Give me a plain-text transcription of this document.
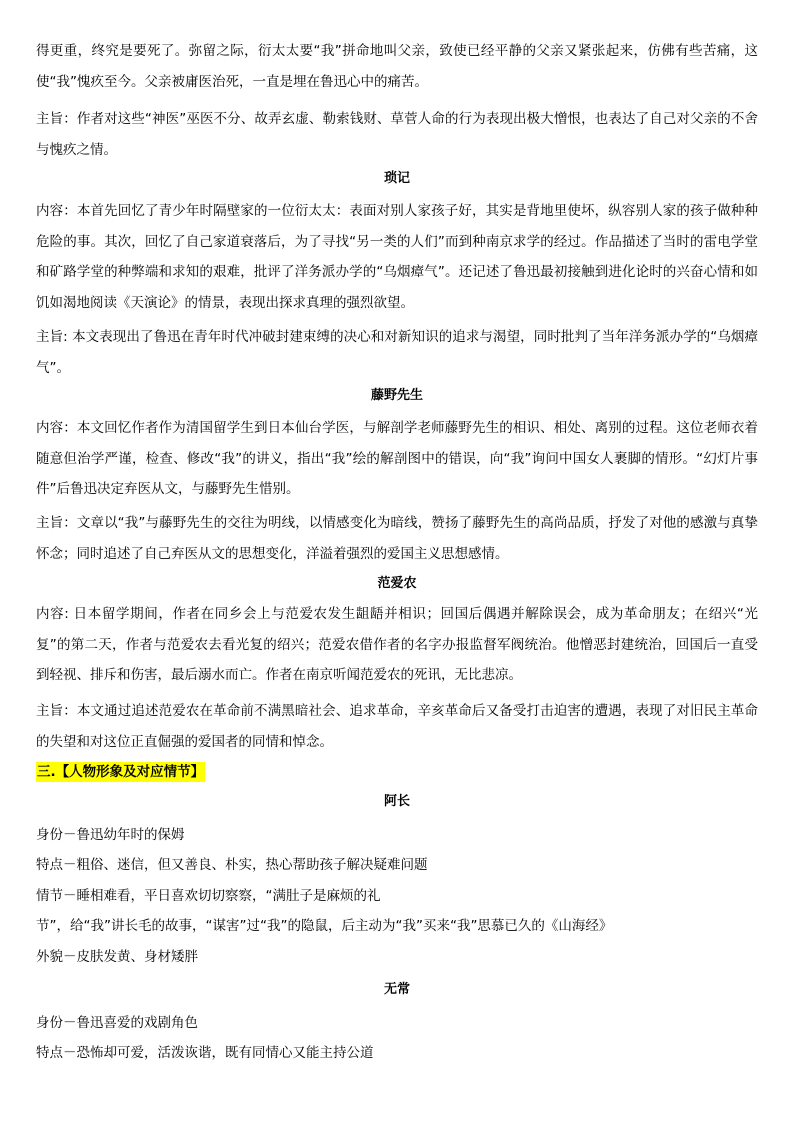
得更重，终究是要死了。弥留之际，衍太太要“我”拼命地叫父亲，致使已经平静的父亲又紧张起来，仿佛有些苦痛，这使“我”愧疚至今。父亲被庸医治死，一直是埋在鲁迅心中的痛苦。

主旨：作者对这些“神医”巫医不分、故弄玄虚、勒索钱财、草菅人命的行为表现出极大憎恨，也表达了自己对父亲的不舍与愧疚之情。

琐记

内容：本首先回忆了青少年时隔壁家的一位衍太太：表面对别人家孩子好，其实是背地里使坏，纵容别人家的孩子做种种危险的事。其次，回忆了自己家道衰落后，为了寻找“另一类的人们”而到种南京求学的经过。作品描述了当时的雷电学堂和矿路学堂的种弊端和求知的艰难，批评了洋务派办学的“乌烟瘴气”。还记述了鲁迅最初接触到进化论时的兴奋心情和如饥如渴地阅读《天演论》的情景，表现出探求真理的强烈欲望。

主旨: 本文表现出了鲁迅在青年时代冲破封建束缚的决心和对新知识的追求与渴望，同时批判了当年洋务派办学的“乌烟瘴气”。

藤野先生

内容：本文回忆作者作为清国留学生到日本仙台学医，与解剖学老师藤野先生的相识、相处、离别的过程。这位老师衣着随意但治学严谨，检查、修改“我”的讲义，指出“我”绘的解剖图中的错误，向“我”询问中国女人裹脚的情形。“幻灯片事件”后鲁迅决定弃医从文，与藤野先生惜别。

主旨：文章以“我”与藤野先生的交往为明线，以情感变化为暗线，赞扬了藤野先生的高尚品质，抒发了对他的感激与真挚怀念；同时追述了自己弃医从文的思想变化，洋溢着强烈的爱国主义思想感情。

范爱农

内容: 日本留学期间，作者在同乡会上与范爱农发生龃龉并相识；回国后偶遇并解除误会，成为革命朋友；在绍兴“光复”的第二天，作者与范爱农去看光复的绍兴；范爱农借作者的名字办报监督军阀统治。他憎恶封建统治，回国后一直受到轻视、排斥和伤害，最后溺水而亡。作者在南京听闻范爱农的死讯，无比悲凉。

主旨：本文通过追述范爱农在革命前不满黑暗社会、追求革命，辛亥革命后又备受打击迫害的遭遇，表现了对旧民主革命的失望和对这位正直倔强的爱国者的同情和悼念。

三.【人物形象及对应情节】
阿长

身份－鲁迅幼年时的保姆

特点－粗俗、迷信，但又善良、朴实，热心帮助孩子解决疑难问题

情节－睡相难看，平日喜欢切切察察，“满肚子是麻烦的礼

节”，给“我”讲长毛的故事，“谋害”过“我”的隐鼠，后主动为“我”买来“我”思慕已久的《山海经》

外貌－皮肤发黄、身材矮胖

无常

身份－鲁迅喜爱的戏剧角色

特点－恐怖却可爱，活泼诙谐，既有同情心又能主持公道
